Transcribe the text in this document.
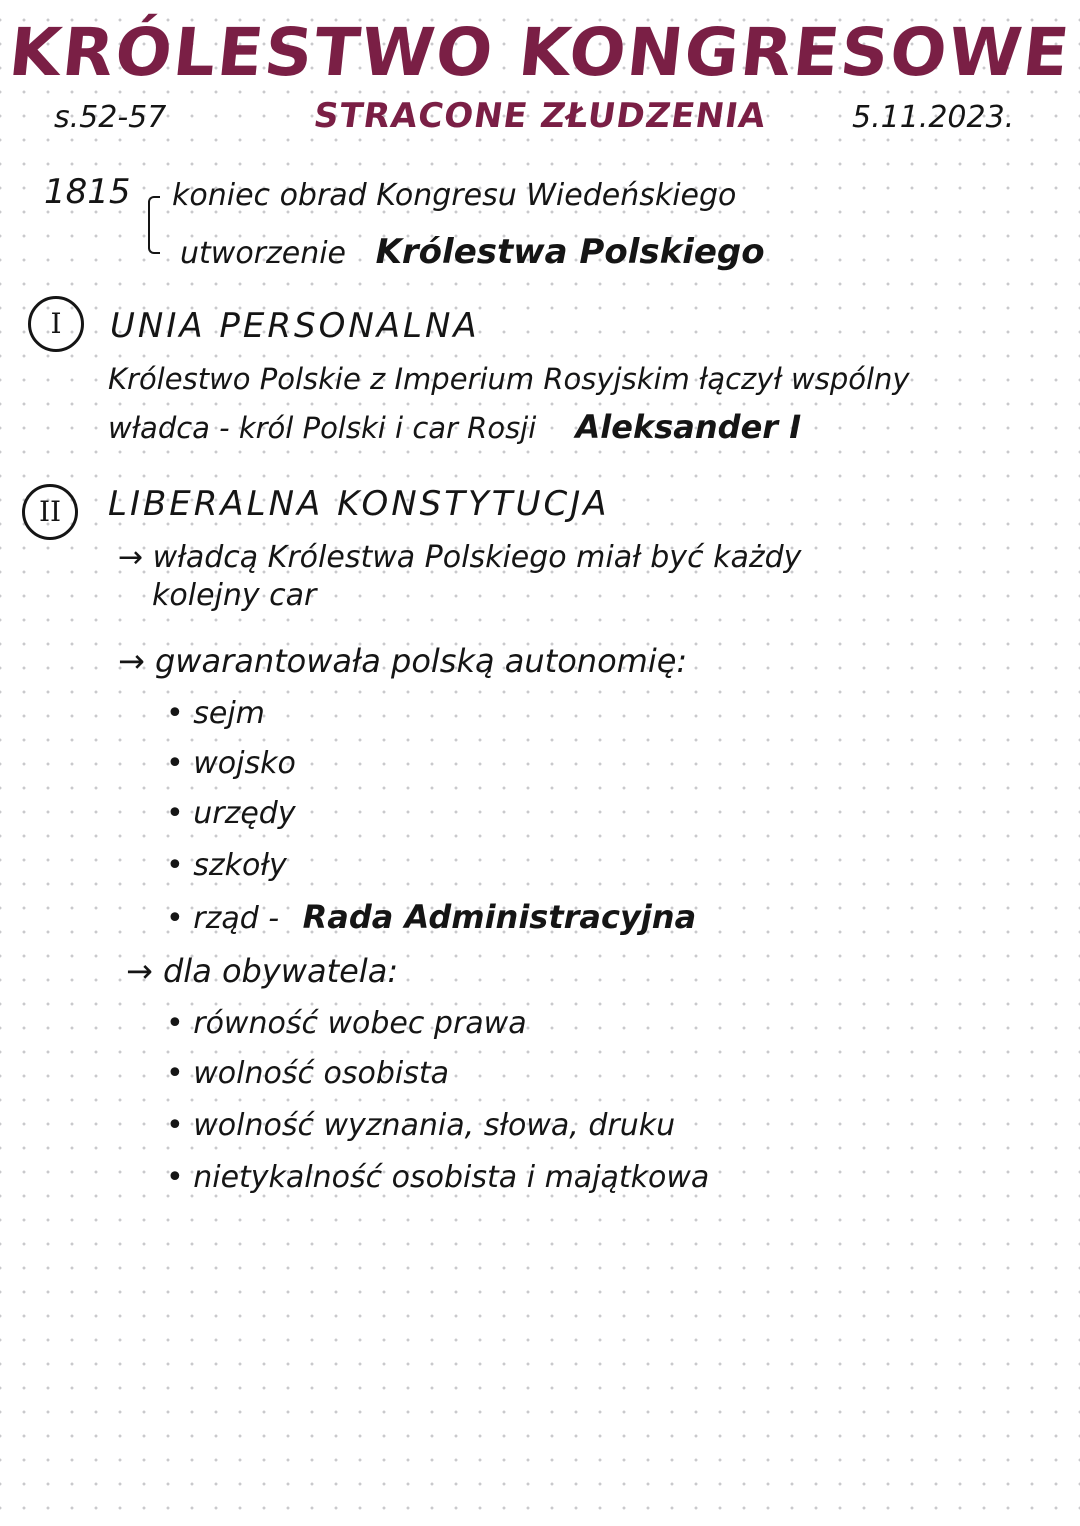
KRÓLESTWO KONGRESOWE
s.52-57	STRACONE ZŁUDZENIA	5.11.2023.
1815 koniec obrad Kongresu Wiedeńskiego
utworzenie Królestwa Polskiego
I	UNIA PERSONALNA
Królestwo Polskie z Imperium Rosyjskim łączył wspólny
władca - król Polski i car Rosji Aleksander I
II	LIBERALNA KONSTYTUCJA
→ władcą Królestwa Polskiego miał być każdy
kolejny car
→ gwarantowała polską autonomię:
• sejm
• wojsko
• urzędy
• szkoły
• rząd - Rada Administracyjna
→ dla obywatela:
• równość wobec prawa
• wolność osobista
• wolność wyznania, słowa, druku
• nietykalność osobista i majątkowa
